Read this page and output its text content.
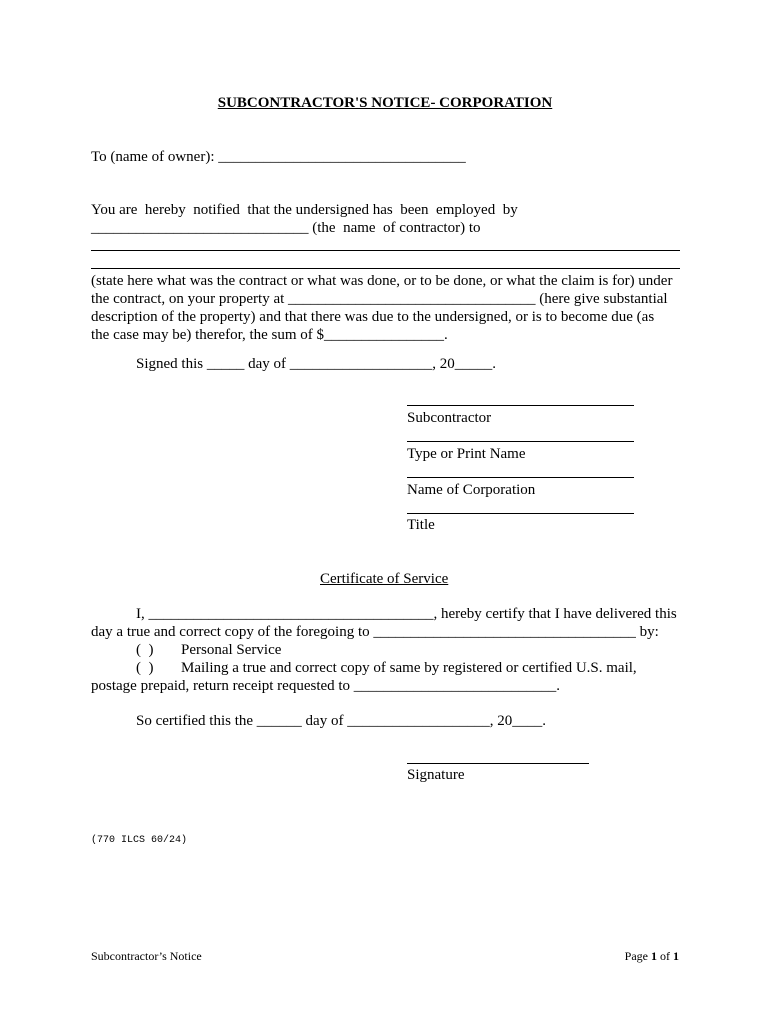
SUBCONTRACTOR'S NOTICE- CORPORATION
To (name of owner): _________________________________
You are  hereby  notified  that the undersigned has  been  employed  by
_____________________________ (the  name  of contractor) to
(state here what was the contract or what was done, or to be done, or what the claim is for) under
the contract, on your property at _________________________________ (here give substantial
description of the property) and that there was due to the undersigned, or is to become due (as
the case may be) therefor, the sum of $________________.
Signed this _____ day of ___________________, 20_____.
Subcontractor
Type or Print Name
Name of Corporation
Title
Certificate of Service
I, ______________________________________, hereby certify that I have delivered this
day a true and correct copy of the foregoing to ___________________________________ by:
(  ) Personal Service
(  ) Mailing a true and correct copy of same by registered or certified U.S. mail,
postage prepaid, return receipt requested to ___________________________.
So certified this the ______ day of ___________________, 20____.
Signature
(770 ILCS 60/24)
Subcontractor’s Notice	Page 1 of 1
